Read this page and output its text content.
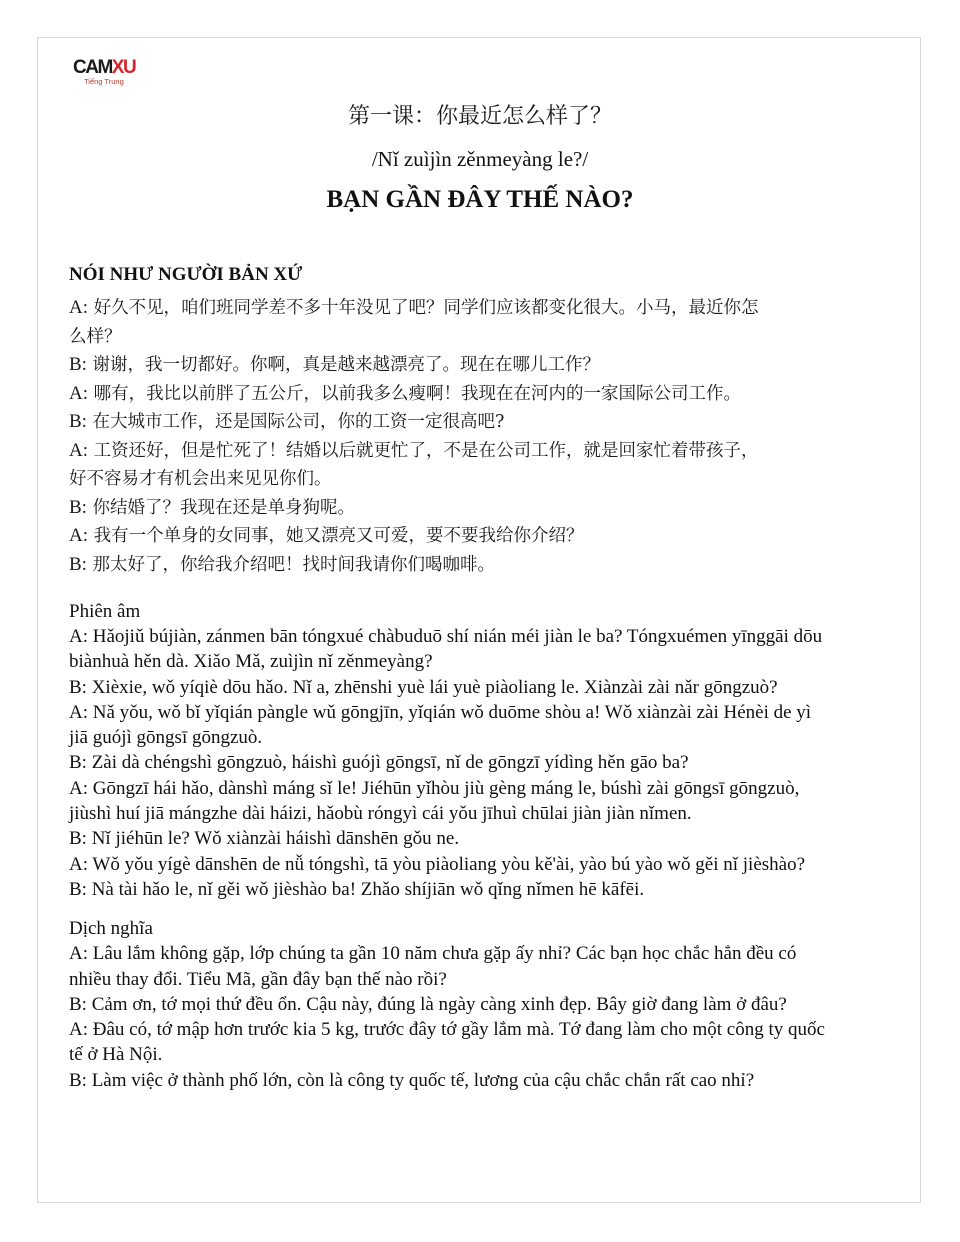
CAMXU
Tiếng Trung
第一课：你最近怎么样了？
/Nǐ zuìjìn zěnmeyàng le?/
BẠN GẦN ĐÂY THẾ NÀO?

NÓI NHƯ NGƯỜI BẢN XỨ

A: 好久不见，咱们班同学差不多十年没见了吧？同学们应该都变化很大。小马，最近你怎

么样？

B: 谢谢，我一切都好。你啊，真是越来越漂亮了。现在在哪儿工作？

A: 哪有，我比以前胖了五公斤，以前我多么瘦啊！我现在在河内的一家国际公司工作。

B: 在大城市工作，还是国际公司，你的工资一定很高吧?

A: 工资还好，但是忙死了！结婚以后就更忙了，不是在公司工作，就是回家忙着带孩子，

好不容易才有机会出来见见你们。

B: 你结婚了？我现在还是单身狗呢。

A: 我有一个单身的女同事，她又漂亮又可爱，要不要我给你介绍？

B: 那太好了，你给我介绍吧！找时间我请你们喝咖啡。

Phiên âm

A: Hǎojiǔ bújiàn, zánmen bān tóngxué chàbuduō shí nián méi jiàn le ba? Tóngxuémen yīnggāi dōu

biànhuà hěn dà. Xiǎo Mǎ, zuìjìn nǐ zěnmeyàng?

B: Xièxie, wǒ yíqiè dōu hǎo. Nǐ a, zhēnshi yuè lái yuè piàoliang le. Xiànzài zài nǎr gōngzuò?

A: Nǎ yǒu, wǒ bǐ yǐqián pàngle wǔ gōngjīn, yǐqián wǒ duōme shòu a! Wǒ xiànzài zài Hénèi de yì

jiā guójì gōngsī gōngzuò.

B: Zài dà chéngshì gōngzuò, háishì guójì gōngsī, nǐ de gōngzī yídìng hěn gāo ba?

A: Gōngzī hái hǎo, dànshì máng sǐ le! Jiéhūn yǐhòu jiù gèng máng le, búshì zài gōngsī gōngzuò,

jiùshì huí jiā mángzhe dài háizi, hǎobù róngyì cái yǒu jīhuì chūlai jiàn jiàn nǐmen.

B: Nǐ jiéhūn le? Wǒ xiànzài háishì dānshēn gǒu ne.

A: Wǒ yǒu yígè dānshēn de nǚ tóngshì, tā yòu piàoliang yòu kě'ài, yào bú yào wǒ gěi nǐ jièshào?

B: Nà tài hǎo le, nǐ gěi wǒ jièshào ba! Zhǎo shíjiān wǒ qǐng nǐmen hē kāfēi.

Dịch nghĩa

A: Lâu lắm không gặp, lớp chúng ta gần 10 năm chưa gặp ấy nhỉ? Các bạn học chắc hẳn đều có

nhiều thay đổi. Tiểu Mã, gần đây bạn thế nào rồi?

B: Cảm ơn, tớ mọi thứ đều ổn. Cậu này, đúng là ngày càng xinh đẹp. Bây giờ đang làm ở đâu?

A: Đâu có, tớ mập hơn trước kia 5 kg, trước đây tớ gầy lắm mà. Tớ đang làm cho một công ty quốc

tế ở Hà Nội.

B: Làm việc ở thành phố lớn, còn là công ty quốc tế, lương của cậu chắc chắn rất cao nhỉ?
